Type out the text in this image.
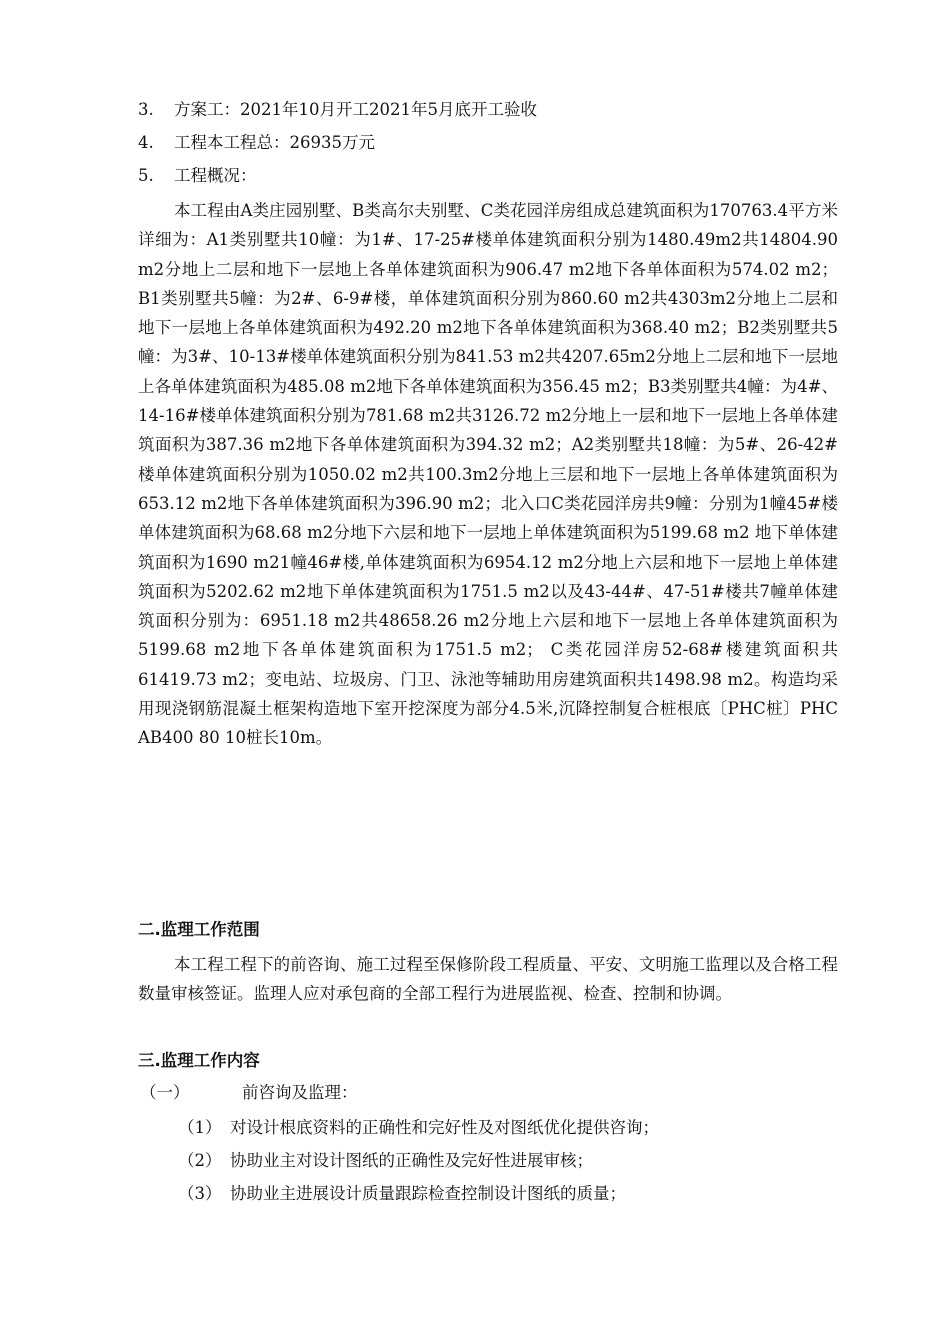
3. 方案工：2021年10月开工2021年5月底开工验收
4. 工程本工程总：26935万元
5. 工程概况：
本工程由A类庄园别墅、B类高尔夫别墅、C类花园洋房组成总建筑面积为170763.4平方米详细为：A1类别墅共10幢：为1#、17-25#楼单体建筑面积分别为1480.49m2共14804.90 m2分地上二层和地下一层地上各单体建筑面积为906.47 m2地下各单体面积为574.02 m2；B1类别墅共5幢：为2#、6-9#楼，单体建筑面积分别为860.60 m2共4303m2分地上二层和地下一层地上各单体建筑面积为492.20 m2地下各单体建筑面积为368.40 m2；B2类别墅共5幢：为3#、10-13#楼单体建筑面积分别为841.53 m2共4207.65m2分地上二层和地下一层地上各单体建筑面积为485.08 m2地下各单体建筑面积为356.45 m2；B3类别墅共4幢：为4#、14-16#楼单体建筑面积分别为781.68 m2共3126.72 m2分地上一层和地下一层地上各单体建筑面积为387.36 m2地下各单体建筑面积为394.32 m2；A2类别墅共18幢：为5#、26-42#楼单体建筑面积分别为1050.02 m2共100.3m2分地上三层和地下一层地上各单体建筑面积为653.12 m2地下各单体建筑面积为396.90 m2；北入口C类花园洋房共9幢：分别为1幢45#楼单体建筑面积为68.68 m2分地下六层和地下一层地上单体建筑面积为5199.68 m2 地下单体建筑面积为1690 m21幢46#楼,单体建筑面积为6954.12 m2分地上六层和地下一层地上单体建筑面积为5202.62 m2地下单体建筑面积为1751.5 m2以及43-44#、47-51#楼共7幢单体建筑面积分别为：6951.18 m2共48658.26 m2分地上六层和地下一层地上各单体建筑面积为5199.68 m2地下各单体建筑面积为1751.5 m2； C类花园洋房52-68#楼建筑面积共61419.73 m2；变电站、垃圾房、门卫、泳池等辅助用房建筑面积共1498.98 m2。构造均采用现浇钢筋混凝土框架构造地下室开挖深度为部分4.5米,沉降控制复合桩根底〔PHC桩〕PHC AB400 80 10桩长10m。
二.监理工作范围
本工程工程下的前咨询、施工过程至保修阶段工程质量、平安、文明施工监理以及合格工程数量审核签证。监理人应对承包商的全部工程行为进展监视、检查、控制和协调。
三.监理工作内容
（一）	前咨询及监理：
（1） 对设计根底资料的正确性和完好性及对图纸优化提供咨询；
（2） 协助业主对设计图纸的正确性及完好性进展审核；
（3） 协助业主进展设计质量跟踪检查控制设计图纸的质量；
